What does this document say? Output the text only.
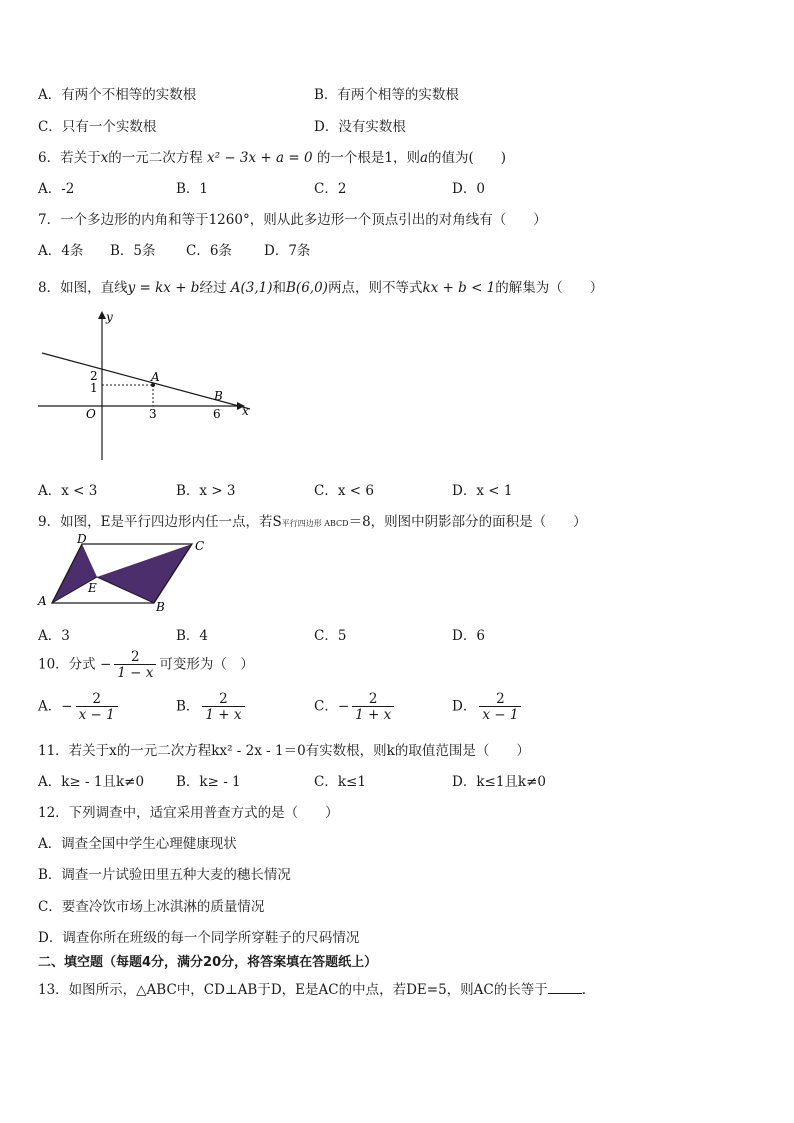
A．有两个不相等的实数根	B．有两个相等的实数根
C．只有一个实数根	D．没有实数根
6．若关于x的一元二次方程 x² − 3x + a = 0 的一个根是1，则a的值为(　　)
A．-2	B．1	C．2	D．0
7．一个多边形的内角和等于1260°，则从此多边形一个顶点引出的对角线有（　　）
A．4条 B．5条 C．6条 D．7条
8．如图，直线y = kx + b经过 A(3,1)和B(6,0)两点，则不等式kx + b < 1的解集为（　　）
y
x
O
A
B
2
1
3	6
A．x < 3	B．x > 3	C．x < 6	D．x < 1
9．如图，E是平行四边形内任一点，若S平行四边形 ABCD＝8，则图中阴影部分的面积是（　　）
A	B
C
D
E
A．3	B．4	C．5	D．6
10．分式 − $\frac{2}{1 - x}$ 可变形为（　）
A．− $\frac{2}{x - 1}$	B． $\frac{2}{1 + x}$	C．− $\frac{2}{1 + x}$	D． $\frac{2}{x - 1}$
11．若关于x的一元二次方程kx² - 2x - 1＝0有实数根，则k的取值范围是（　　）
A．k≥ - 1且k≠0 B．k≥ - 1	C．k≤1	D．k≤1且k≠0
12．下列调查中，适宜采用普查方式的是（　　）
A．调查全国中学生心理健康现状
B．调查一片试验田里五种大麦的穗长情况
C．要查冷饮市场上冰淇淋的质量情况
D．调查你所在班级的每一个同学所穿鞋子的尺码情况
二、填空题（每题4分，满分20分，将答案填在答题纸上）
13．如图所示，△ABC中，CD⊥AB于D，E是AC的中点，若DE=5，则AC的长等于	.
